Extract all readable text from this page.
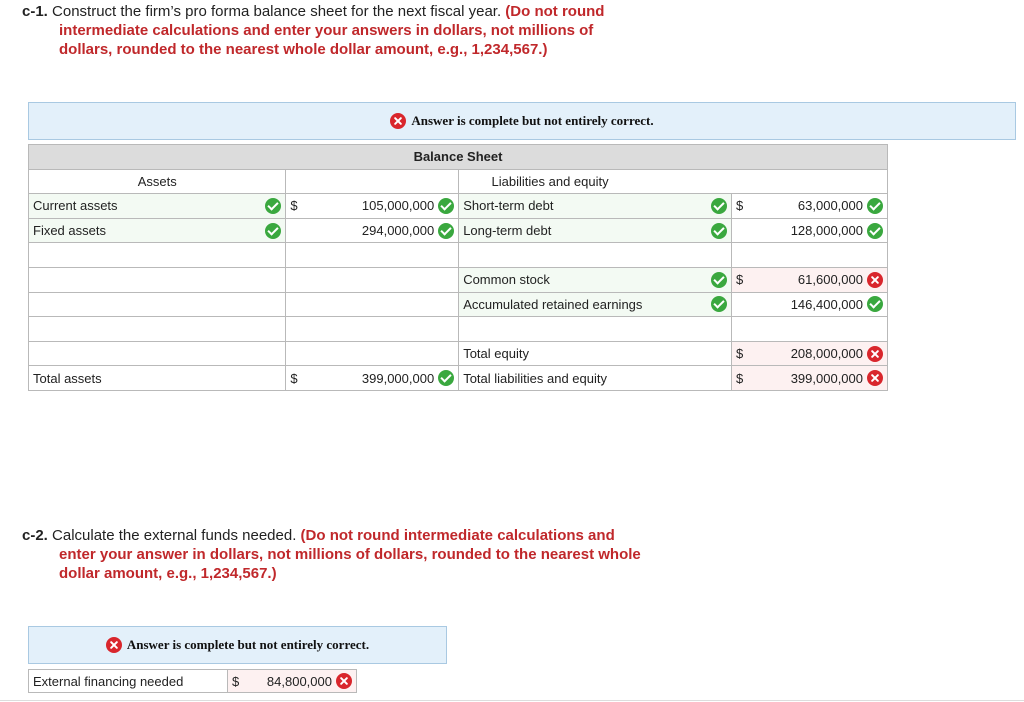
c-1. Construct the firm’s pro forma balance sheet for the next fiscal year. (Do not round

intermediate calculations and enter your answers in dollars, not millions of

dollars, rounded to the nearest whole dollar amount, e.g., 1,234,567.)

Answer is complete but not entirely correct.
Balance Sheet			
Assets		Liabilities and equity	

Current assets	$ 105,000,000	Short-term debt	$ 63,000,000

Fixed assets	294,000,000	Long-term debt	128,000,000

		Common stock	$ 61,600,000

		Accumulated retained earnings	146,400,000

		Total equity	$ 208,000,000

Total assets	$ 399,000,000	Total liabilities and equity	$ 399,000,000

c-2. Calculate the external funds needed. (Do not round intermediate calculations and

enter your answer in dollars, not millions of dollars, rounded to the nearest whole

dollar amount, e.g., 1,234,567.)

Answer is complete but not entirely correct.
External financing needed	$ 84,800,000
